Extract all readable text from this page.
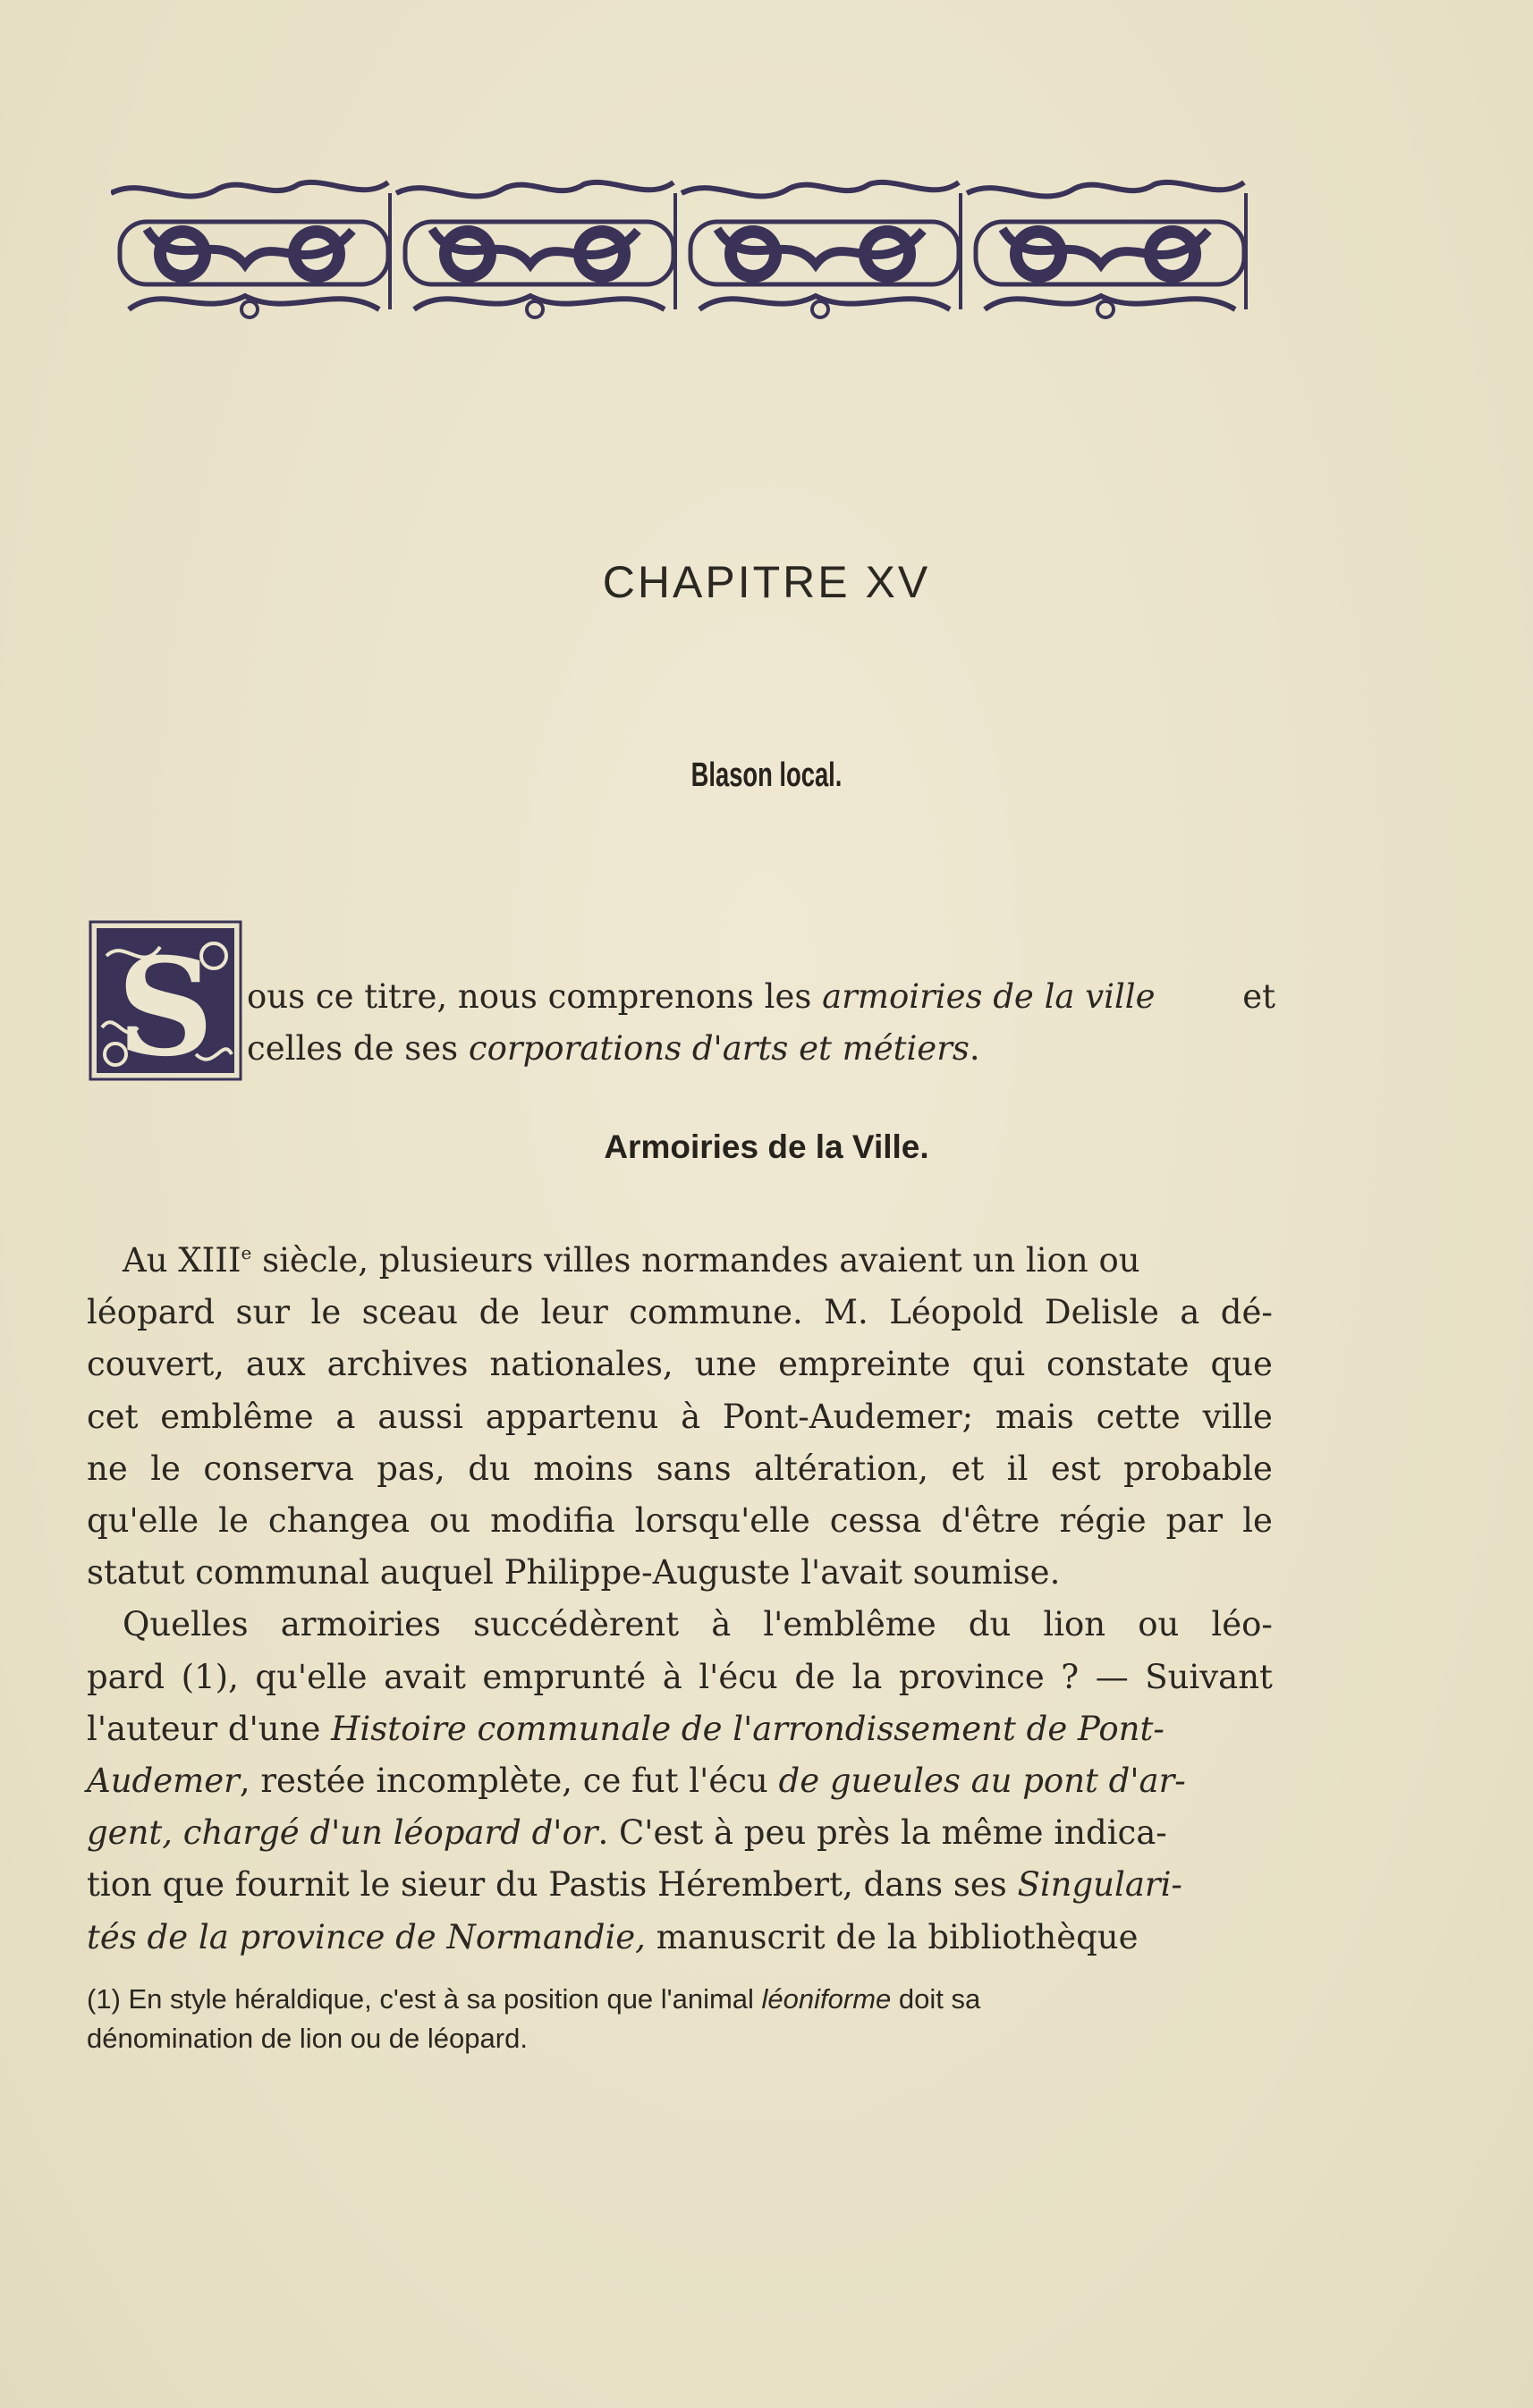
CHAPITRE XV
Blason local.
S ous ce titre, nous comprenons les armoiries de la ville	et
celles de ses corporations d'arts et métiers.
Armoiries de la Ville.
Au XIIIe siècle, plusieurs villes normandes avaient un lion ou
léopard sur le sceau de leur commune. M. Léopold Delisle a dé-
couvert, aux archives nationales, une empreinte qui constate que
cet emblême a aussi appartenu à Pont-Audemer; mais cette ville
ne le conserva pas, du moins sans altération, et il est probable
qu'elle le changea ou modifia lorsqu'elle cessa d'être régie par le
statut communal auquel Philippe-Auguste l'avait soumise.
Quelles armoiries succédèrent à l'emblême du lion ou léo-
pard (1), qu'elle avait emprunté à l'écu de la province ? — Suivant
l'auteur d'une Histoire communale de l'arrondissement de Pont-
Audemer, restée incomplète, ce fut l'écu de gueules au pont d'ar-
gent, chargé d'un léopard d'or. C'est à peu près la même indica-
tion que fournit le sieur du Pastis Hérembert, dans ses Singulari-
tés de la province de Normandie, manuscrit de la bibliothèque
(1) En style héraldique, c'est à sa position que l'animal léoniforme doit sa
dénomination de lion ou de léopard.
